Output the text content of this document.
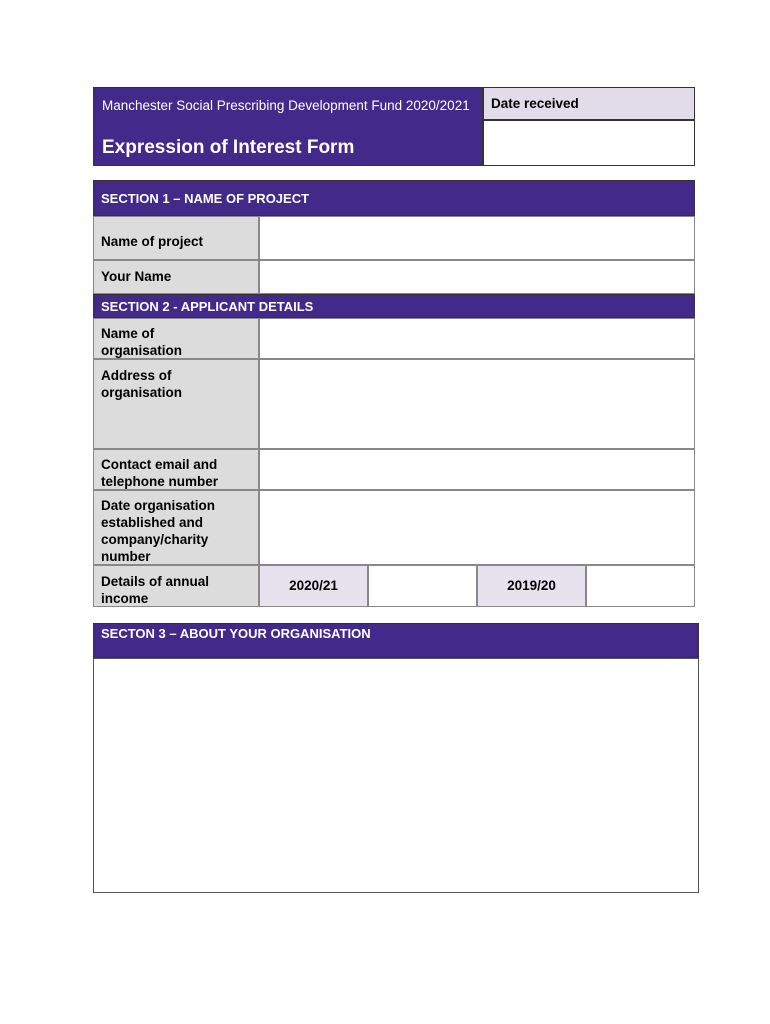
Manchester Social Prescribing Development Fund 2020/2021
Expression of Interest Form
Date received
SECTION 1 – NAME OF PROJECT
Name of project
Your Name
SECTION 2 - APPLICANT DETAILS
Name of organisation
Address of organisation
Contact email and telephone number
Date organisation established and company/charity number
Details of annual income
2020/21	2019/20
SECTON 3 – ABOUT YOUR ORGANISATION
